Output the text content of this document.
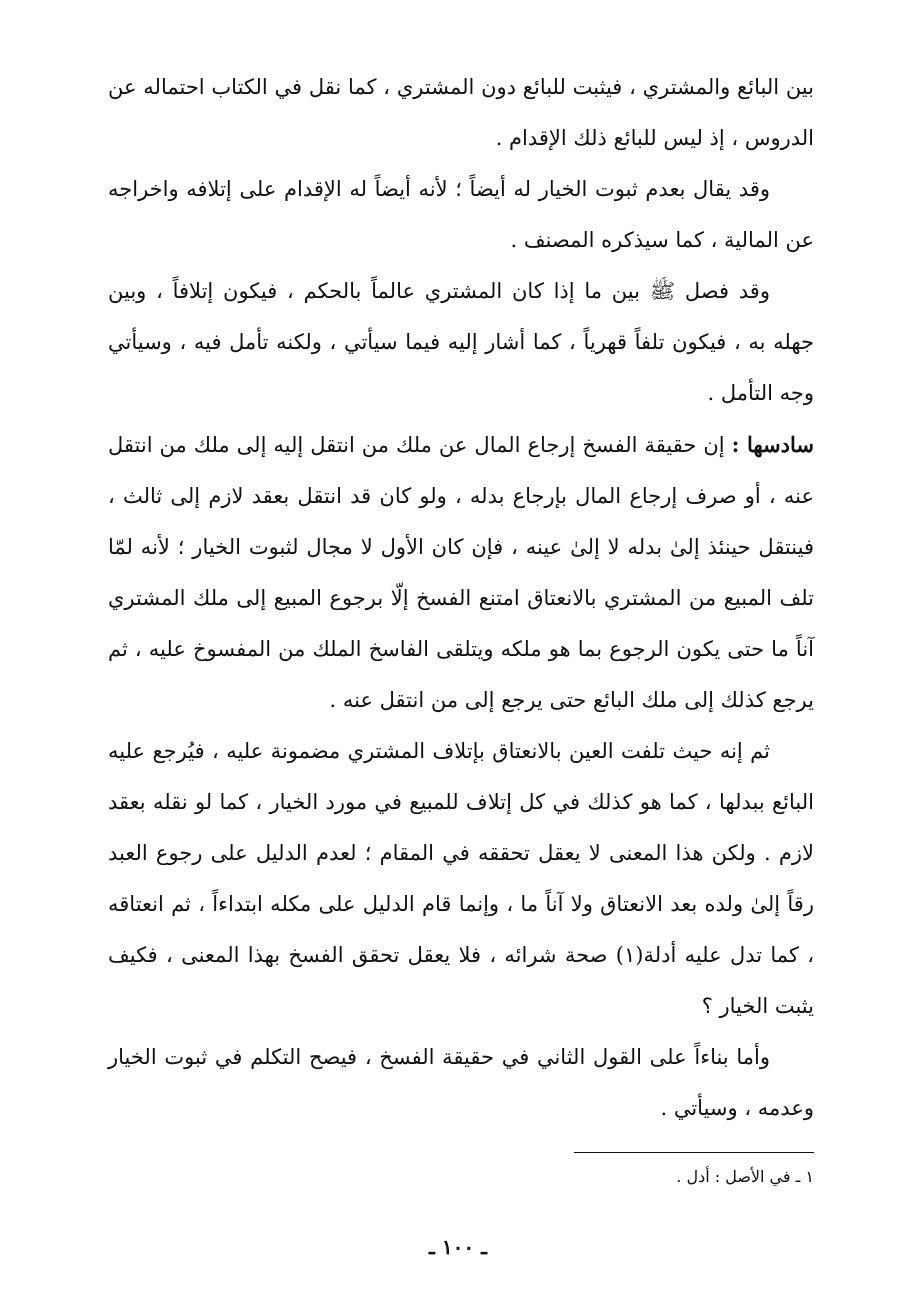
بين البائع والمشتري ، فيثبت للبائع دون المشتري ، كما نقل في الكتاب احتماله عن الدروس ، إذ ليس للبائع ذلك الإقدام .

وقد يقال بعدم ثبوت الخيار له أيضاً ؛ لأنه أيضاً له الإقدام على إتلافه واخراجه عن المالية ، كما سيذكره المصنف .

وقد فصل ﷺ بين ما إذا كان المشتري عالماً بالحكم ، فيكون إتلافاً ، وبين جهله به ، فيكون تلفاً قهرياً ، كما أشار إليه فيما سيأتي ، ولكنه تأمل فيه ، وسيأتي وجه التأمل .

سادسها : إن حقيقة الفسخ إرجاع المال عن ملك من انتقل إليه إلى ملك من انتقل عنه ، أو صرف إرجاع المال بإرجاع بدله ، ولو كان قد انتقل بعقد لازم إلى ثالث ، فينتقل حينئذ إلىٰ بدله لا إلىٰ عينه ، فإن كان الأول لا مجال لثبوت الخيار ؛ لأنه لمّا تلف المبيع من المشتري بالانعتاق امتنع الفسخ إلّا برجوع المبيع إلى ملك المشتري آناً ما حتى يكون الرجوع بما هو ملكه ويتلقى الفاسخ الملك من المفسوخ عليه ، ثم يرجع كذلك إلى ملك البائع حتى يرجع إلى من انتقل عنه .

ثم إنه حيث تلفت العين بالانعتاق بإتلاف المشتري مضمونة عليه ، فيُرجع عليه البائع ببدلها ، كما هو كذلك في كل إتلاف للمبيع في مورد الخيار ، كما لو نقله بعقد لازم . ولكن هذا المعنى لا يعقل تحققه في المقام ؛ لعدم الدليل على رجوع العبد رقاً إلىٰ ولده بعد الانعتاق ولا آناً ما ، وإنما قام الدليل على مكله ابتداءاً ، ثم انعتاقه ، كما تدل عليه أدلة(١) صحة شرائه ، فلا يعقل تحقق الفسخ بهذا المعنى ، فكيف يثبت الخيار ؟

وأما بناءاً على القول الثاني في حقيقة الفسخ ، فيصح التكلم في ثبوت الخيار وعدمه ، وسيأتي .

١ ـ في الأصل : أدل .
ـ ١٠٠ ـ
